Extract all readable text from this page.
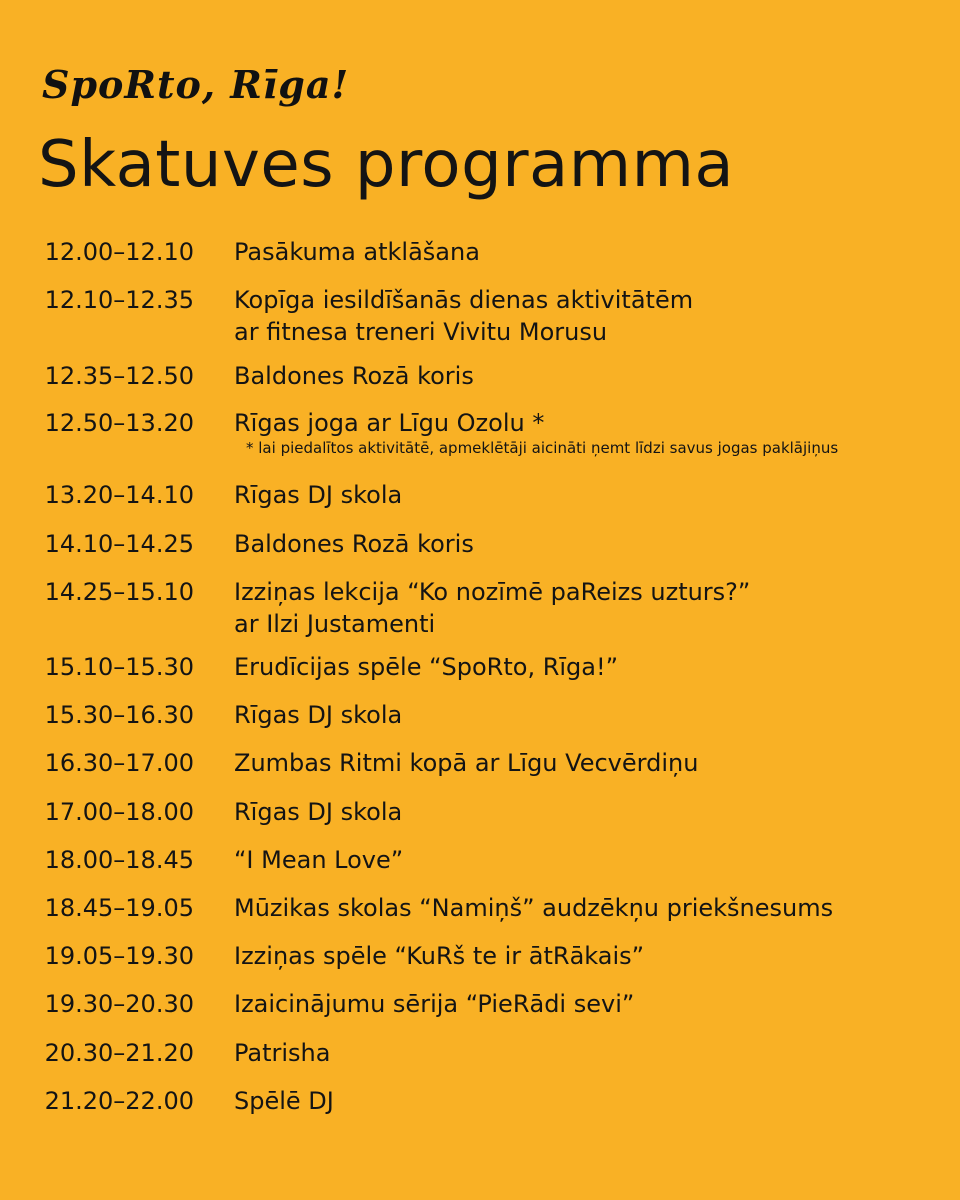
SpoRto, Rīga!
Skatuves programma
12.00–12.10 Pasākuma atklāšana
12.10–12.35 Kopīga iesildīšanās dienas aktivitātēm
ar fitnesa treneri Vivitu Morusu
12.35–12.50 Baldones Rozā koris
12.50–13.20 Rīgas joga ar Līgu Ozolu *
* lai piedalītos aktivitātē, apmeklētāji aicināti ņemt līdzi savus jogas paklājiņus
13.20–14.10 Rīgas DJ skola
14.10–14.25 Baldones Rozā koris
14.25–15.10 Izziņas lekcija “Ko nozīmē paReizs uzturs?”
ar Ilzi Justamenti
15.10–15.30 Erudīcijas spēle “SpoRto, Rīga!”
15.30–16.30 Rīgas DJ skola
16.30–17.00 Zumbas Ritmi kopā ar Līgu Vecvērdiņu
17.00–18.00 Rīgas DJ skola
18.00–18.45 “I Mean Love”
18.45–19.05 Mūzikas skolas “Namiņš” audzēkņu priekšnesums
19.05–19.30 Izziņas spēle “KuRš te ir ātRākais”
19.30–20.30 Izaicinājumu sērija “PieRādi sevi”
20.30–21.20 Patrisha
21.20–22.00 Spēlē DJ
